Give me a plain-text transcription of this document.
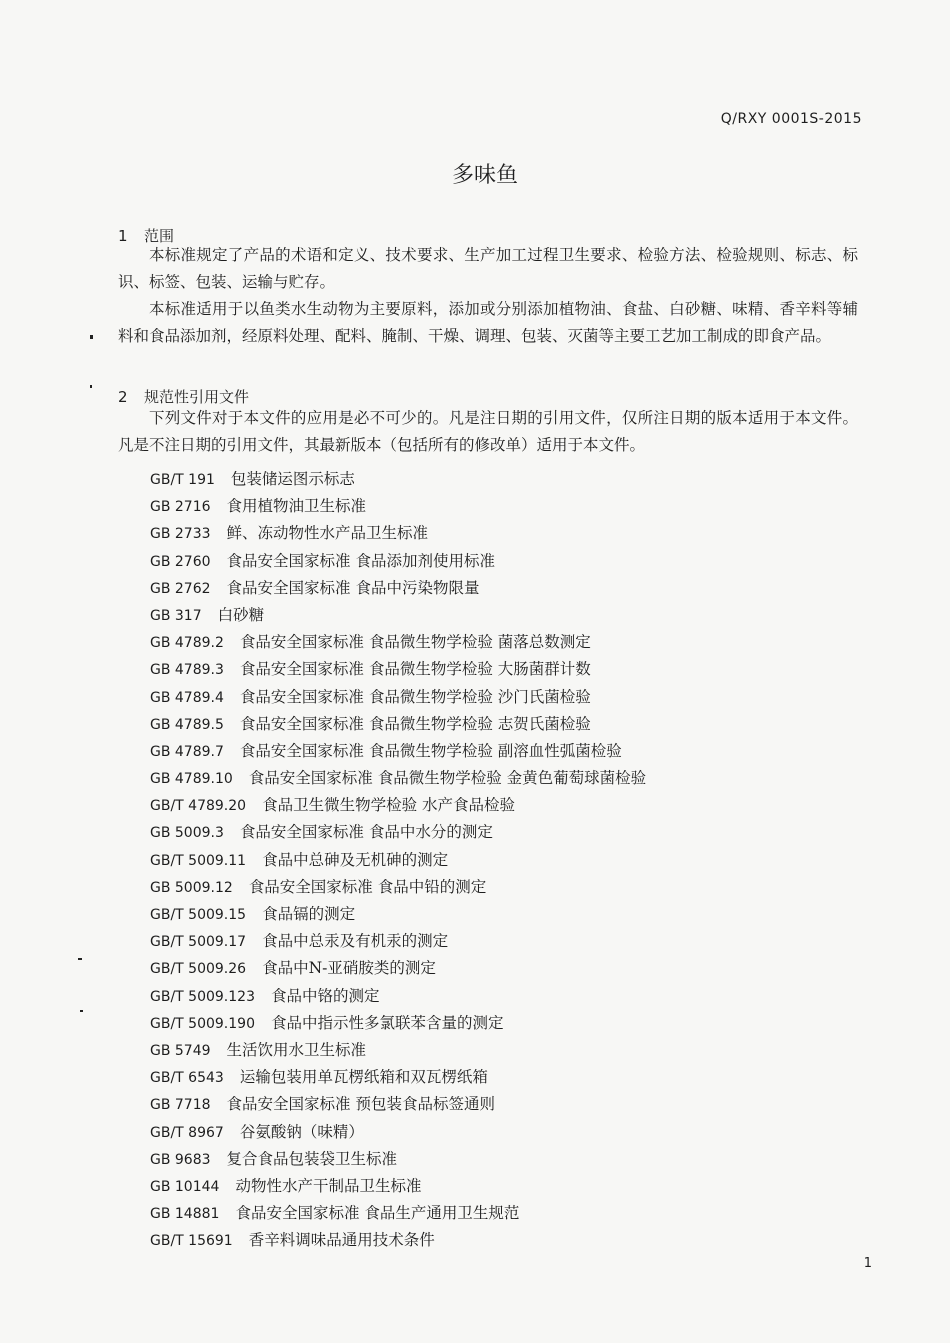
Q/RXY 0001S-2015
多味鱼
1 范围

本标准规定了产品的术语和定义、技术要求、生产加工过程卫生要求、检验方法、检验规则、标志、标识、标签、包装、运输与贮存。

本标准适用于以鱼类水生动物为主要原料，添加或分别添加植物油、食盐、白砂糖、味精、香辛料等辅料和食品添加剂，经原料处理、配料、腌制、干燥、调理、包装、灭菌等主要工艺加工制成的即食产品。

2 规范性引用文件

下列文件对于本文件的应用是必不可少的。凡是注日期的引用文件，仅所注日期的版本适用于本文件。凡是不注日期的引用文件，其最新版本（包括所有的修改单）适用于本文件。

GB/T 191 包装储运图示标志
GB 2716 食用植物油卫生标准
GB 2733 鲜、冻动物性水产品卫生标准
GB 2760 食品安全国家标准 食品添加剂使用标准
GB 2762 食品安全国家标准 食品中污染物限量
GB 317 白砂糖
GB 4789.2 食品安全国家标准 食品微生物学检验 菌落总数测定
GB 4789.3 食品安全国家标准 食品微生物学检验 大肠菌群计数
GB 4789.4 食品安全国家标准 食品微生物学检验 沙门氏菌检验
GB 4789.5 食品安全国家标准 食品微生物学检验 志贺氏菌检验
GB 4789.7 食品安全国家标准 食品微生物学检验 副溶血性弧菌检验
GB 4789.10 食品安全国家标准 食品微生物学检验 金黄色葡萄球菌检验
GB/T 4789.20 食品卫生微生物学检验 水产食品检验
GB 5009.3 食品安全国家标准 食品中水分的测定
GB/T 5009.11 食品中总砷及无机砷的测定
GB 5009.12 食品安全国家标准 食品中铅的测定
GB/T 5009.15 食品镉的测定
GB/T 5009.17 食品中总汞及有机汞的测定
GB/T 5009.26 食品中N-亚硝胺类的测定
GB/T 5009.123 食品中铬的测定
GB/T 5009.190 食品中指示性多氯联苯含量的测定
GB 5749 生活饮用水卫生标准
GB/T 6543 运输包装用单瓦楞纸箱和双瓦楞纸箱
GB 7718 食品安全国家标准 预包装食品标签通则
GB/T 8967 谷氨酸钠（味精）
GB 9683 复合食品包装袋卫生标准
GB 10144 动物性水产干制品卫生标准
GB 14881 食品安全国家标准 食品生产通用卫生规范
GB/T 15691 香辛料调味品通用技术条件
1
